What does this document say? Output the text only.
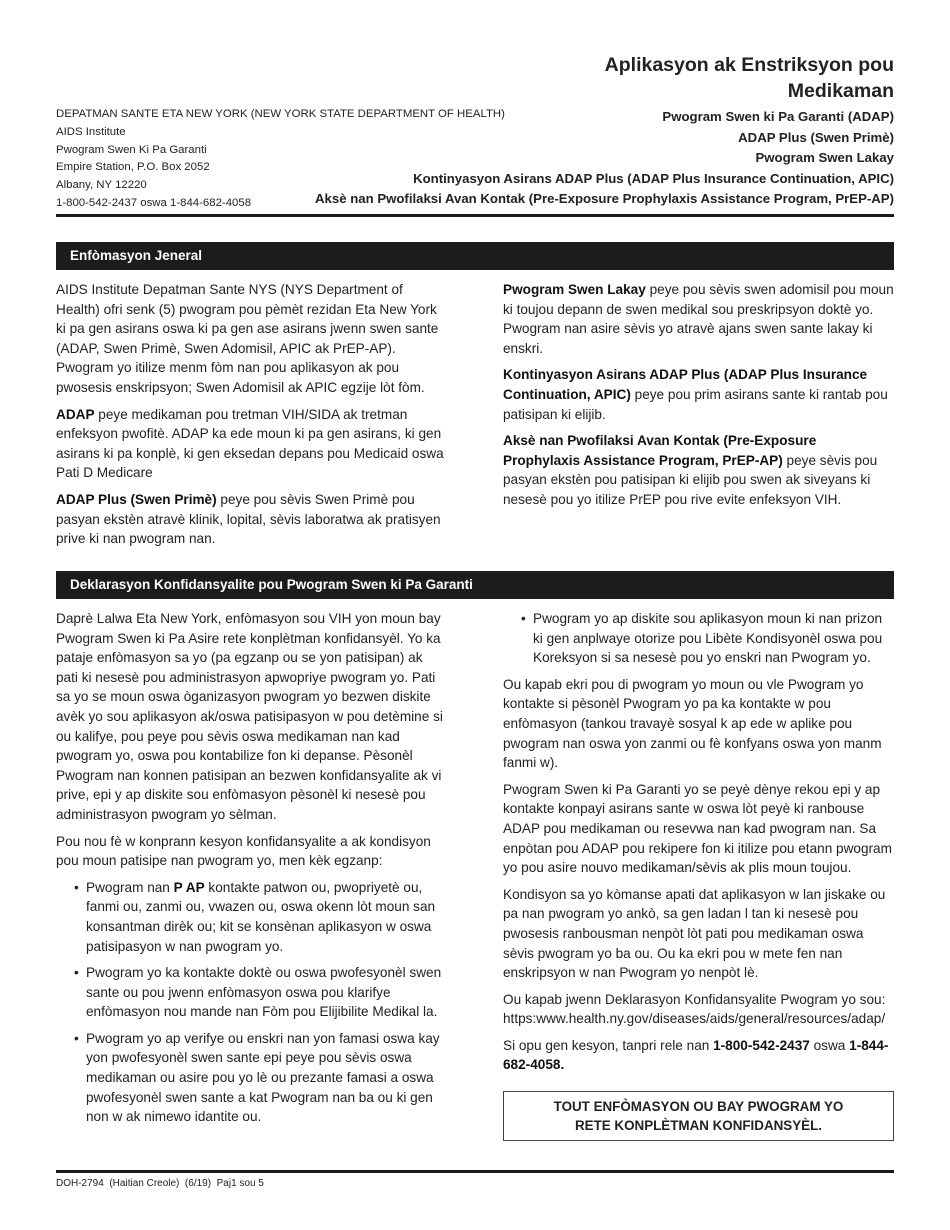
DEPATMAN SANTE ETA NEW YORK (NEW YORK STATE DEPARTMENT OF HEALTH)
AIDS Institute
Pwogram Swen Ki Pa Garanti
Empire Station, P.O. Box 2052
Albany, NY 12220
1-800-542-2437 oswa 1-844-682-4058
Aplikasyon ak Enstriksyon pou Medikaman
Pwogram Swen ki Pa Garanti (ADAP)
ADAP Plus (Swen Primè)
Pwogram Swen Lakay
Kontinyasyon Asirans ADAP Plus (ADAP Plus Insurance Continuation, APIC)
Aksè nan Pwofilaksi Avan Kontak (Pre-Exposure Prophylaxis Assistance Program, PrEP-AP)
Enfòmasyon Jeneral

AIDS Institute Depatman Sante NYS (NYS Department of Health) ofri senk (5) pwogram pou pèmèt rezidan Eta New York ki pa gen asirans oswa ki pa gen ase asirans jwenn swen sante (ADAP, Swen Primè, Swen Adomisil, APIC ak PrEP-AP). Pwogram yo itilize menm fòm nan pou aplikasyon ak pou pwosesis enskripsyon; Swen Adomisil ak APIC egzije lòt fòm.

ADAP peye medikaman pou tretman VIH/SIDA ak tretman enfeksyon pwofitè. ADAP ka ede moun ki pa gen asirans, ki gen asirans ki pa konplè, ki gen eksedan depans pou Medicaid oswa Pati D Medicare

ADAP Plus (Swen Primè) peye pou sèvis Swen Primè pou pasyan ekstèn atravè klinik, lopital, sèvis laboratwa ak pratisyen prive ki nan pwogram nan.

Pwogram Swen Lakay peye pou sèvis swen adomisil pou moun ki toujou depann de swen medikal sou preskripsyon doktè yo. Pwogram nan asire sèvis yo atravè ajans swen sante lakay ki enskri.

Kontinyasyon Asirans ADAP Plus (ADAP Plus Insurance Continuation, APIC) peye pou prim asirans sante ki rantab pou patisipan ki elijib.

Aksè nan Pwofilaksi Avan Kontak (Pre-Exposure Prophylaxis Assistance Program, PrEP-AP) peye sèvis pou pasyan ekstèn pou patisipan ki elijib pou swen ak siveyans ki nesesè pou yo itilize PrEP pou rive evite enfeksyon VIH.

Deklarasyon Konfidansyalite pou Pwogram Swen ki Pa Garanti

Daprè Lalwa Eta New York, enfòmasyon sou VIH yon moun bay Pwogram Swen ki Pa Asire rete konplètman konfidansyèl. Yo ka pataje enfòmasyon sa yo (pa egzanp ou se yon patisipan) ak pati ki nesesè pou administrasyon apwopriye pwogram yo. Pati sa yo se moun oswa òganizasyon pwogram yo bezwen diskite avèk yo sou aplikasyon ak/oswa patisipasyon w pou detèmine si ou kalifye, pou peye pou sèvis oswa medikaman nan kad pwogram yo, oswa pou kontabilize fon ki depanse. Pèsonèl Pwogram nan konnen patisipan an bezwen konfidansyalite ak vi prive, epi y ap diskite sou enfòmasyon pèsonèl ki nesesè pou administrasyon pwogram yo sèlman.

Pou nou fè w konprann kesyon konfidansyalite a ak kondisyon pou moun patisipe nan pwogram yo, men kèk egzanp:

• Pwogram nan P AP kontakte patwon ou, pwopriyetè ou, fanmi ou, zanmi ou, vwazen ou, oswa okenn lòt moun san konsantman dirèk ou; kit se konsènan aplikasyon w oswa patisipasyon w nan pwogram yo.
• Pwogram yo ka kontakte doktè ou oswa pwofesyonèl swen sante ou pou jwenn enfòmasyon oswa pou klarifye enfòmasyon nou mande nan Fòm pou Elijibilite Medikal la.
• Pwogram yo ap verifye ou enskri nan yon famasi oswa kay yon pwofesyonèl swen sante epi peye pou sèvis oswa medikaman ou asire pou yo lè ou prezante famasi a oswa pwofesyonèl swen sante a kat Pwogram nan ba ou ki gen non w ak nimewo idantite ou.
• Pwogram yo ap diskite sou aplikasyon moun ki nan prizon ki gen anplwaye otorize pou Libète Kondisyonèl oswa pou Koreksyon si sa nesesè pou yo enskri nan Pwogram yo.

Ou kapab ekri pou di pwogram yo moun ou vle Pwogram yo kontakte si pèsonèl Pwogram yo pa ka kontakte w pou enfòmasyon (tankou travayè sosyal k ap ede w aplike pou pwogram nan oswa yon zanmi ou fè konfyans oswa yon manm fanmi w).

Pwogram Swen ki Pa Garanti yo se peyè dènye rekou epi y ap kontakte konpayi asirans sante w oswa lòt peyè ki ranbouse ADAP pou medikaman ou resevwa nan kad pwogram nan. Sa enpòtan pou ADAP pou rekipere fon ki itilize pou etann pwogram yo pou asire nouvo medikaman/sèvis ak plis moun toujou.

Kondisyon sa yo kòmanse apati dat aplikasyon w lan jiskake ou pa nan pwogram yo ankò, sa gen ladan l tan ki nesesè pou pwosesis ranbousman nenpòt lòt pati pou medikaman oswa sèvis pwogram yo ba ou. Ou ka ekri pou w mete fen nan enskripsyon w nan Pwogram yo nenpòt lè.

Ou kapab jwenn Deklarasyon Konfidansyalite Pwogram yo sou: https:www.health.ny.gov/diseases/aids/general/resources/adap/

Si opu gen kesyon, tanpri rele nan 1-800-542-2437 oswa 1-844-682-4058.

TOUT ENFÒMASYON OU BAY PWOGRAM YO
RETE KONPLÈTMAN KONFIDANSYÈL.
DOH-2794  (Haitian Creole)  (6/19)  Paj1 sou 5
